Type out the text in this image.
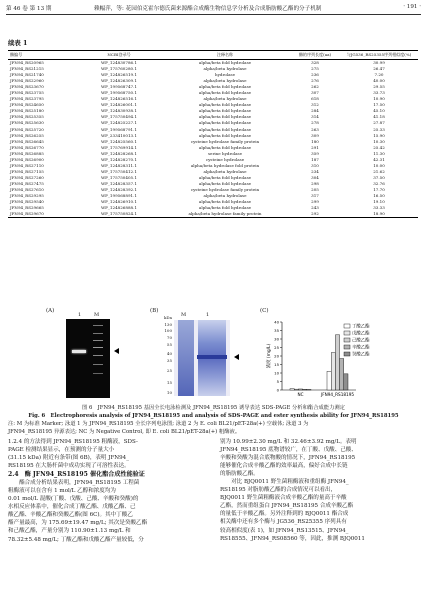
第 46 卷 第 13 期	赖幅萍，等: 花园伯克霍尔德氏菌来源酯合成酶生物信息学分析及合成脂肪酸乙酯的分子机制	· 191 ·
续表 1
酶编号	NCBI登录号	注释名称	酶的序列长度(aa)	与JG536_RS25355序列相似度(%)
JFN94_RS20965	WP_124830786.1	alpha/beta fold hydrolase	328	30.99
JFN94_RS21215	WP_175760280.1	alpha/beta hydrolase	275	26.47
JFN94_RS21740	WP_124826519.1	hydrolase	236	7.20
JFN94_RS22960	WP_124826309.1	alpha/beta hydrolase	276	40.00
JFN94_RS23670	WP_199568747.1	alpha/beta fold hydrolase	262	29.55
JFN94_RS23755	WP_199568750.1	alpha/beta fold hydrolase	307	33.73
JFN94_RS23795	WP_124826516.1	alpha/beta hydrolase	618	10.90
JFN94_RS24650	WP_124826001.1	alpha/beta fold hydrolase	312	17.50
JFN94_RS25180	WP_124830938.1	alpha/beta fold hydrolase	284	45.10
JFN94_RS25355	WP_175750494.1	alpha/beta fold hydrolase	314	41.18
JFN94_RS25630	WP_124825227.1	alpha/beta fold hydrolase	278	27.87
JFN94_RS25720	WP_199568791.1	alpha/beta fold hydrolase	263	25.33
JFN94_RS26255	WP_233410013.1	alpha/beta fold hydrolase	309	15.90
JFN94_RS26645	WP_124825560.1	cysteine hydrolase family protein	180	10.30
JFN94_RS26770	WP_175769914.1	alpha/beta fold hydrolase	291	25.42
JFN94_RS26885	WP_124828268.1	serine hydrolase	359	11.30
JFN94_RS26900	WP_124828270.1	cysteine hydrolase	187	42.31
JFN94_RS27110	WP_124828311.1	alpha/beta hydrolase fold protein	310	10.00
JFN94_RS27155	WP_175750412.1	alpha/beta hydrolase	234	21.62
JFN94_RS27260	WP_175750405.1	alpha/beta fold hydrolase	304	37.50
JFN94_RS27475	WP_124828357.1	alpha/beta fold hydrolase	298	32.76
JFN94_RS27610	WP_124828392.1	cysteine hydrolase family protein	205	17.70
JFN94_RS29295	WP_199568891.1	alpha/beta hydrolase	317	16.50
JFN94_RS29540	WP_124826910.1	alpha/beta fold hydrolase	299	19.10
JFN94_RS29665	WP_124826888.1	alpha/beta fold hydrolase	243	33.33
JFN94_RS29670	WP_175750824.1	alpha/beta hydrolase family protein	292	18.90
(A)
1	M
(B)
M	1
kDa
130
100
70
55
40
35
25
15
10
(C)
0
5
10
15
20
25
30
35
40
浓度 (mg/L)
NC	JFN94_RS18195
丁酸乙酯
戊酸乙酯
己酸乙酯
辛酸乙酯
癸酸乙酯
图 6　JFN94_RS18195 基因全长电泳检测及 JFN94_RS18195 诱导表达 SDS-PAGE 分析和酯合成能力测定
Fig. 6　Electrophoresis analysis of JFN94_RS18195 and analysis of SDS-PAGE and ester synthesis ability for JFN94_RS18195
注: M 为标准 Marker; 泳道 1 为 JFN94_RS18195 全长序列电泳图; 泳道 2 为 E. coli BL21/pET-28a(+) 空载体; 泳道 3 为
JFN94_RS18195 异源表达; NC 为 Negative Control, 即 E. coli BL21/pET-28a(+) 粗酶液。

1.2.4 的方法得到 JFN94_RS18195 粗酶液，SDS-

PAGE 检测结果显示，在预测的分子量大小

(31.15 kDa) 附近有条带(图 6B)，表明 JFN94_

RS18195 在大肠杆菌中成功实现了可溶性表达。

2.4　酶 JFN94_RS18195 催化酯合成性能验证

　　酯合成分析结果表明，JFN94_RS18195 工程菌

粗酶液可以在含有 1 mol/L 乙醇和浓度均为

0.01 mol/L 混酸(丁酸、戊酸、己酸、辛酸和癸酸)的

水相反应体系中，催化合成丁酸乙酯、戊酸乙酯、己

酸乙酯、辛酸乙酯和癸酸乙酯(图 6C)。其中丁酸乙

酯产量最高，为 175.69±19.47 mg/L; 其次是癸酸乙酯

和己酸乙酯，产量分别为 110.90±1.13 mg/L 和

78.32±5.48 mg/L; 丁酸乙酯和戊酸乙酯产量较低，分

别为 10.99±2.30 mg/L 和 32.46±3.92 mg/L。表明

JFN94_RS18195 底物谱较广，在丁酸、戊酸、己酸、

辛酸和癸酸为混合底物酸的情况下，JFN94_RS18195

能够催化合成辛酸乙酯的效率最高，偏好合成中长链

的脂肪酸乙酯。

　　对比 BJQ0011 野生菌粗酶液和重组酶 JFN94_

RS18195 对脂肪酸乙酯的合成情况可以看出，

BJQ0011 野生菌粗酶液合成辛酸乙酯的量高于辛酸

乙酯，然而重组蛋白 JFN94_RS18195 合成辛酸乙酯

的量低于辛酸乙酯。另外注释到的 BJQ0011 酯合成

相关酶中还有多个酶与 JG536_RS25355 序列具有

较高相似度(表 1)，如 JFN94_RS13515、JFN94_

RS18555、JFN94_RS08560 等，因此，推测 BJQ0011
